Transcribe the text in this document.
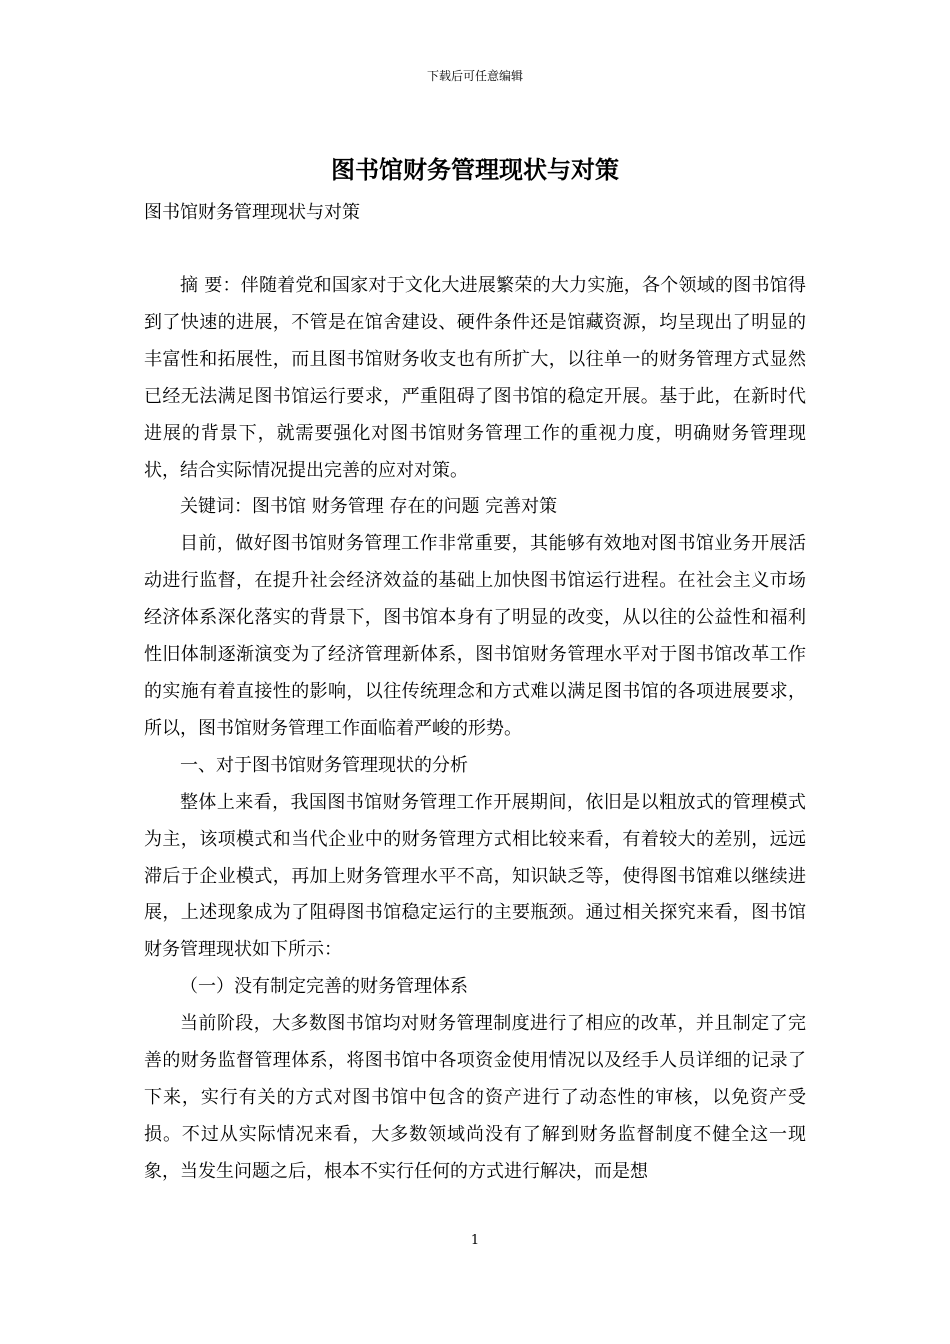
下载后可任意编辑
图书馆财务管理现状与对策

图书馆财务管理现状与对策

摘 要：伴随着党和国家对于文化大进展繁荣的大力实施，各个领域的图书馆得到了快速的进展，不管是在馆舍建设、硬件条件还是馆藏资源，均呈现出了明显的丰富性和拓展性，而且图书馆财务收支也有所扩大，以往单一的财务管理方式显然已经无法满足图书馆运行要求，严重阻碍了图书馆的稳定开展。基于此，在新时代进展的背景下，就需要强化对图书馆财务管理工作的重视力度，明确财务管理现状，结合实际情况提出完善的应对对策。

关键词：图书馆 财务管理 存在的问题 完善对策

目前，做好图书馆财务管理工作非常重要，其能够有效地对图书馆业务开展活动进行监督，在提升社会经济效益的基础上加快图书馆运行进程。在社会主义市场经济体系深化落实的背景下，图书馆本身有了明显的改变，从以往的公益性和福利性旧体制逐渐演变为了经济管理新体系，图书馆财务管理水平对于图书馆改革工作的实施有着直接性的影响，以往传统理念和方式难以满足图书馆的各项进展要求，所以，图书馆财务管理工作面临着严峻的形势。

一、对于图书馆财务管理现状的分析

整体上来看，我国图书馆财务管理工作开展期间，依旧是以粗放式的管理模式为主，该项模式和当代企业中的财务管理方式相比较来看，有着较大的差别，远远滞后于企业模式，再加上财务管理水平不高，知识缺乏等，使得图书馆难以继续进展，上述现象成为了阻碍图书馆稳定运行的主要瓶颈。通过相关探究来看，图书馆财务管理现状如下所示：

（一）没有制定完善的财务管理体系

当前阶段，大多数图书馆均对财务管理制度进行了相应的改革，并且制定了完善的财务监督管理体系，将图书馆中各项资金使用情况以及经手人员详细的记录了下来，实行有关的方式对图书馆中包含的资产进行了动态性的审核，以免资产受损。不过从实际情况来看，大多数领域尚没有了解到财务监督制度不健全这一现象，当发生问题之后，根本不实行任何的方式进行解决，而是想

1
